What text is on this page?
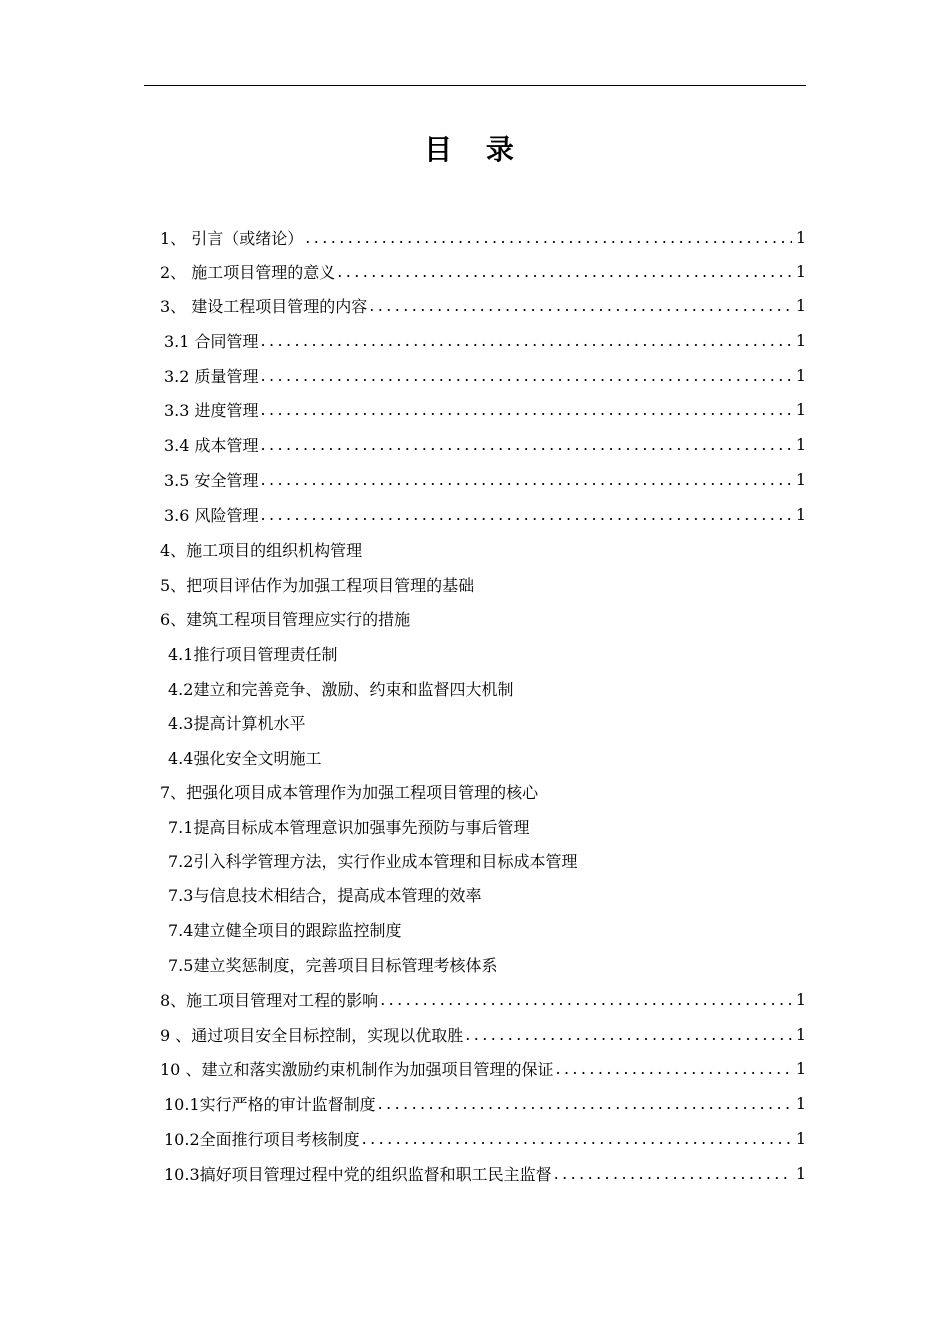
目 录
1、 引言（或绪论） .....	1
2、 施工项目管理的意义 .....	1
3、 建设工程项目管理的内容 .....	1
3.1 合同管理 .....	1
3.2 质量管理 .....	1
3.3 进度管理 .....	1
3.4 成本管理 .....	1
3.5 安全管理 .....	1
3.6 风险管理 .....	1
4、施工项目的组织机构管理
5、把项目评估作为加强工程项目管理的基础
6、建筑工程项目管理应实行的措施
4.1推行项目管理责任制
4.2建立和完善竞争、激励、约束和监督四大机制
4.3提高计算机水平
4.4强化安全文明施工
7、把强化项目成本管理作为加强工程项目管理的核心
7.1提高目标成本管理意识加强事先预防与事后管理
7.2引入科学管理方法，实行作业成本管理和目标成本管理
7.3与信息技术相结合，提高成本管理的效率
7.4建立健全项目的跟踪监控制度
7.5建立奖惩制度，完善项目目标管理考核体系
8、施工项目管理对工程的影响 .....	1
9 、通过项目安全目标控制，实现以优取胜 .....	1
10 、建立和落实激励约束机制作为加强项目管理的保证 .....	1
10.1实行严格的审计监督制度 .....	1
10.2全面推行项目考核制度 .....	1
10.3搞好项目管理过程中党的组织监督和职工民主监督 .....	1
